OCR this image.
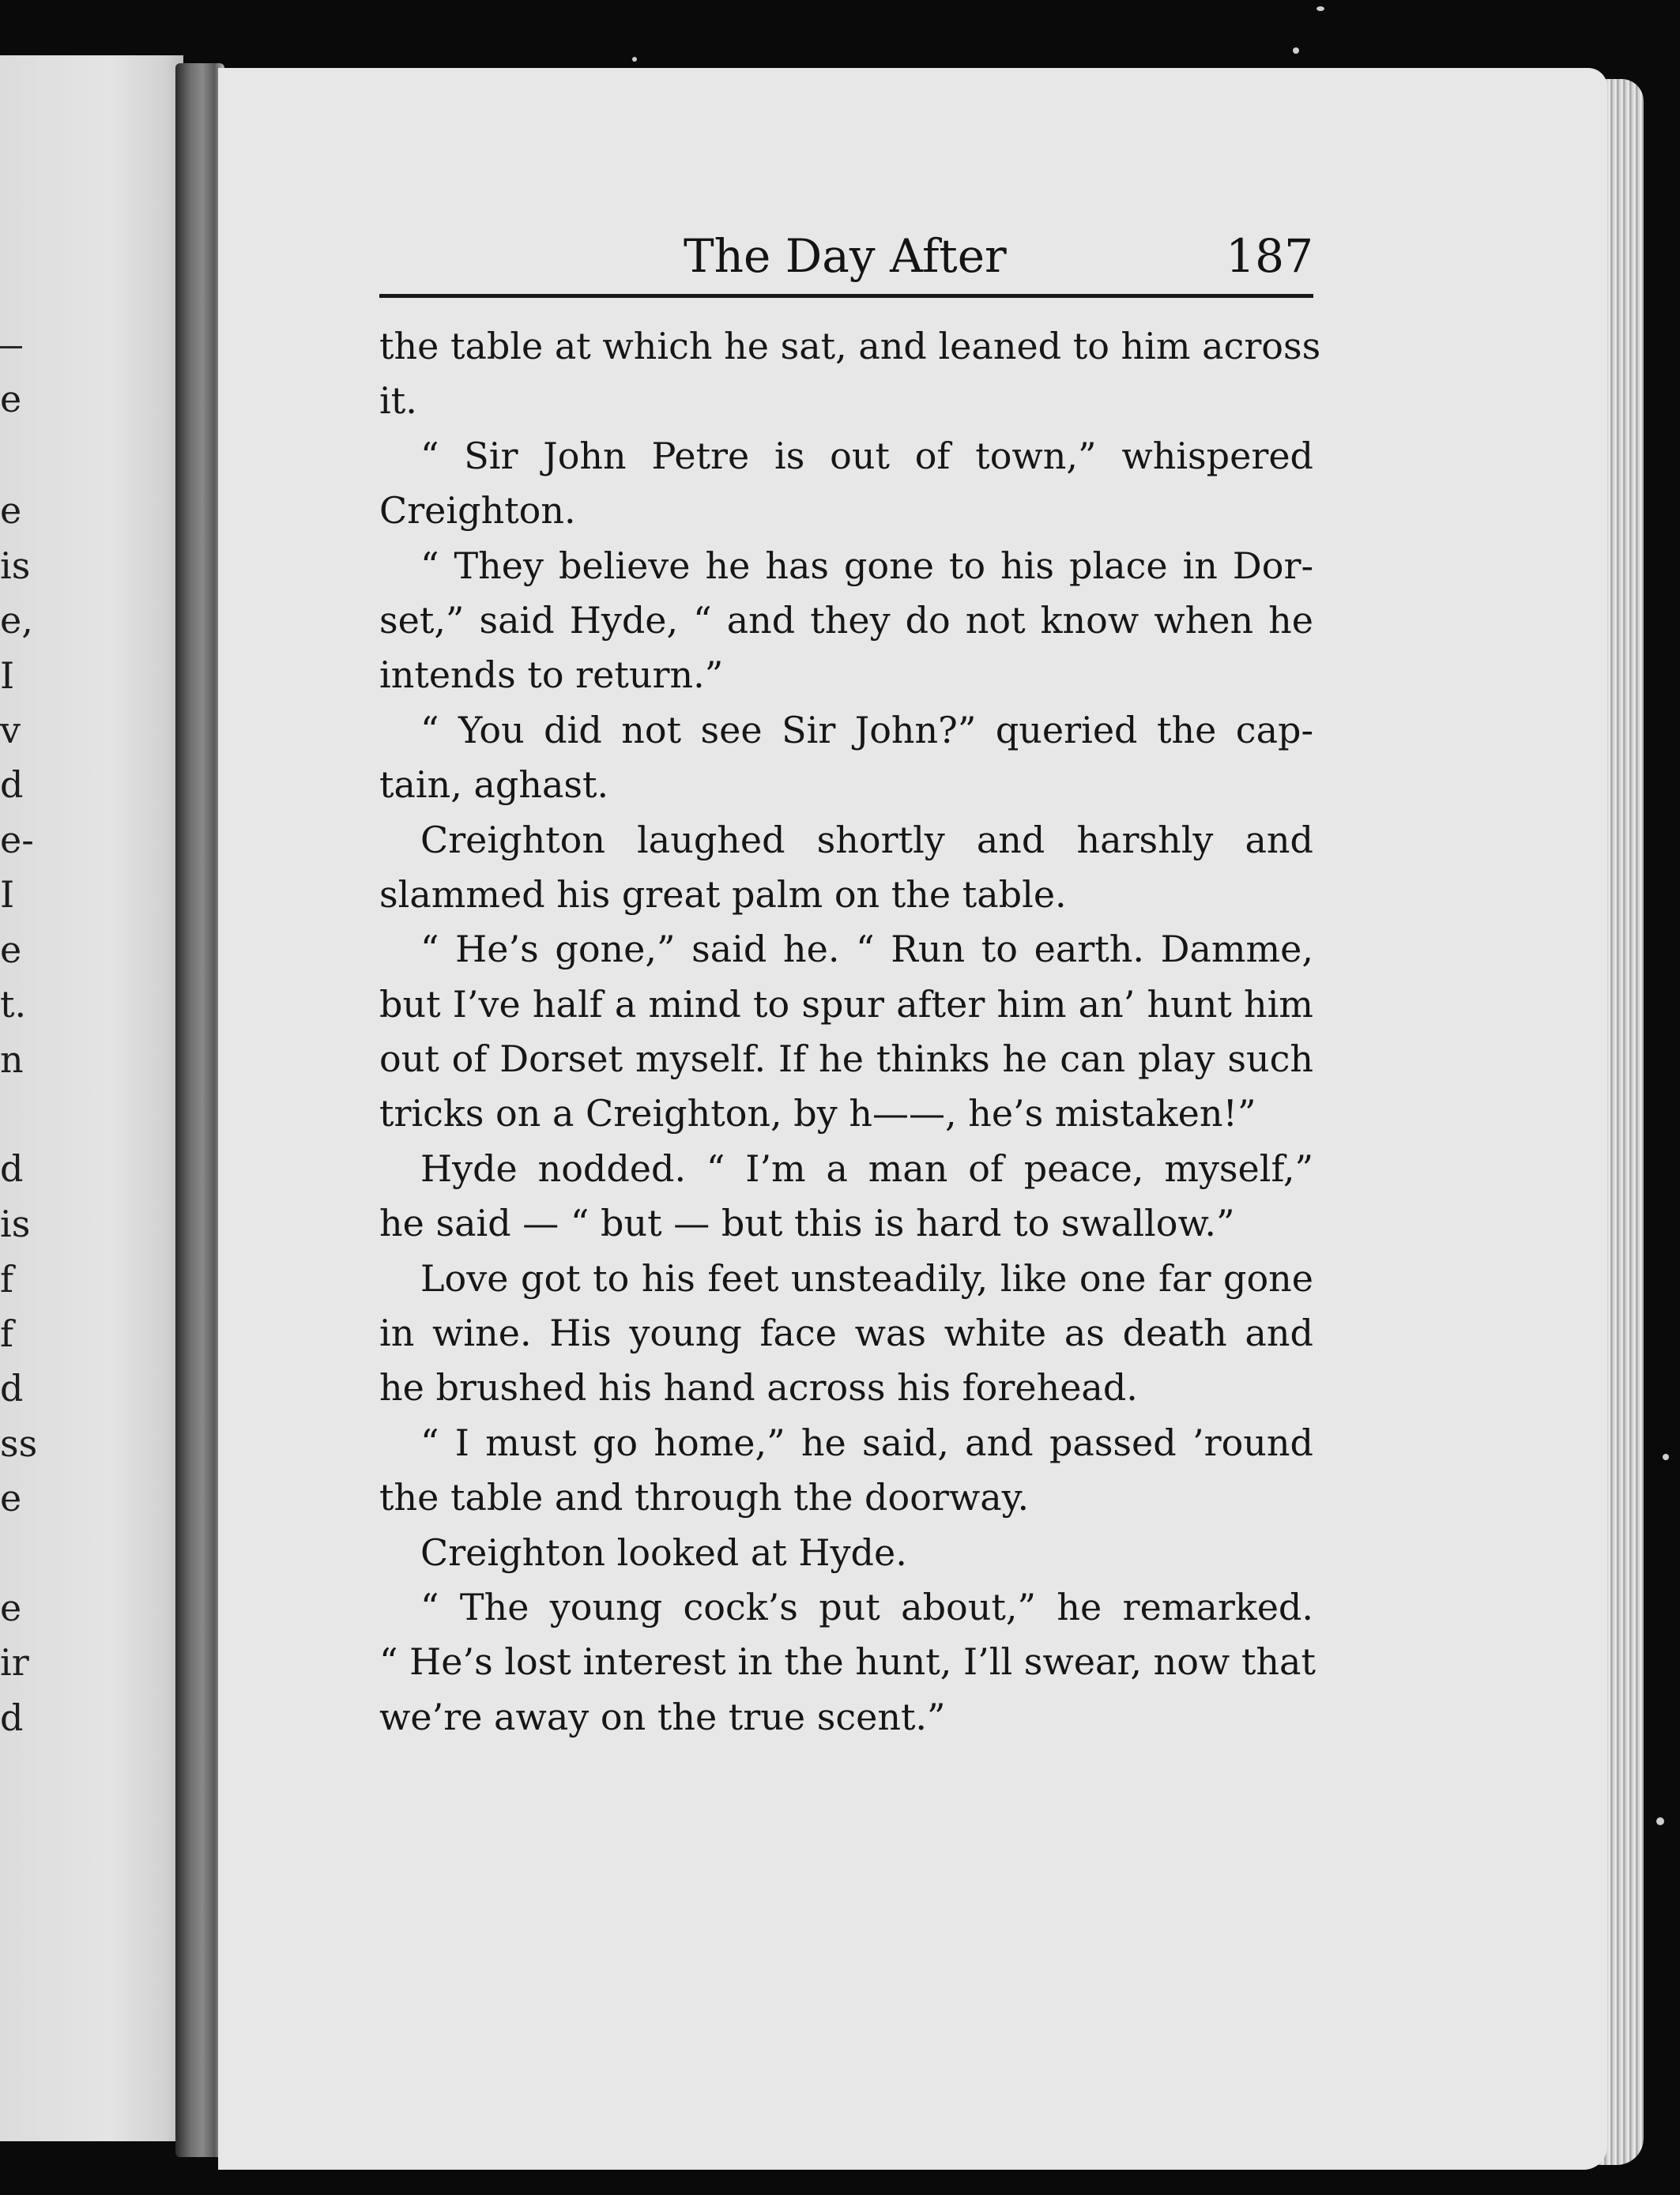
e
e
is
e,
I
v
d
e-
I
e
t.
n
d
is
f
f
d
ss
e
e
ir
d
The Day After	187
the table at which he sat, and leaned to him across
it.
“ Sir John Petre is out of town,” whispered
Creighton.
“ They believe he has gone to his place in Dor-
set,” said Hyde, “ and they do not know when he
intends to return.”
“ You did not see Sir John?” queried the cap-
tain, aghast.
Creighton laughed shortly and harshly and
slammed his great palm on the table.
“ He’s gone,” said he. “ Run to earth. Damme,
but I’ve half a mind to spur after him an’ hunt him
out of Dorset myself. If he thinks he can play such
tricks on a Creighton, by h——, he’s mistaken!”
Hyde nodded. “ I’m a man of peace, myself,”
he said — “ but — but this is hard to swallow.”
Love got to his feet unsteadily, like one far gone
in wine. His young face was white as death and
he brushed his hand across his forehead.
“ I must go home,” he said, and passed ’round
the table and through the doorway.
Creighton looked at Hyde.
“ The young cock’s put about,” he remarked.
“ He’s lost interest in the hunt, I’ll swear, now that
we’re away on the true scent.”
